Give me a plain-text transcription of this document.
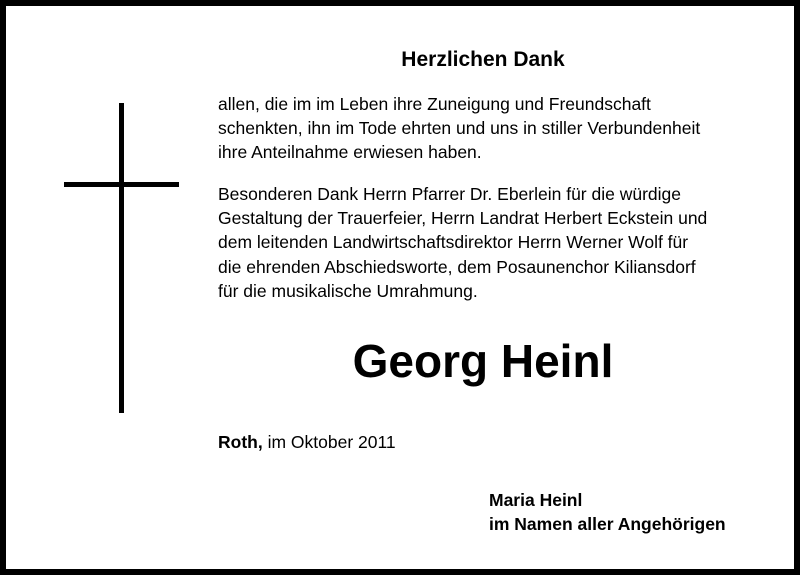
Herzlichen Dank

allen, die im im Leben ihre Zuneigung und Freundschaft
schenkten, ihn im Tode ehrten und uns in stiller Verbundenheit
ihre Anteilnahme erwiesen haben.

Besonderen Dank Herrn Pfarrer Dr. Eberlein für die würdige
Gestaltung der Trauerfeier, Herrn Landrat Herbert Eckstein und
dem leitenden Landwirtschaftsdirektor Herrn Werner Wolf für
die ehrenden Abschiedsworte, dem Posaunenchor Kiliansdorf
für die musikalische Umrahmung.

Georg Heinl
Roth, im Oktober 2011
Maria Heinl
im Namen aller Angehörigen
